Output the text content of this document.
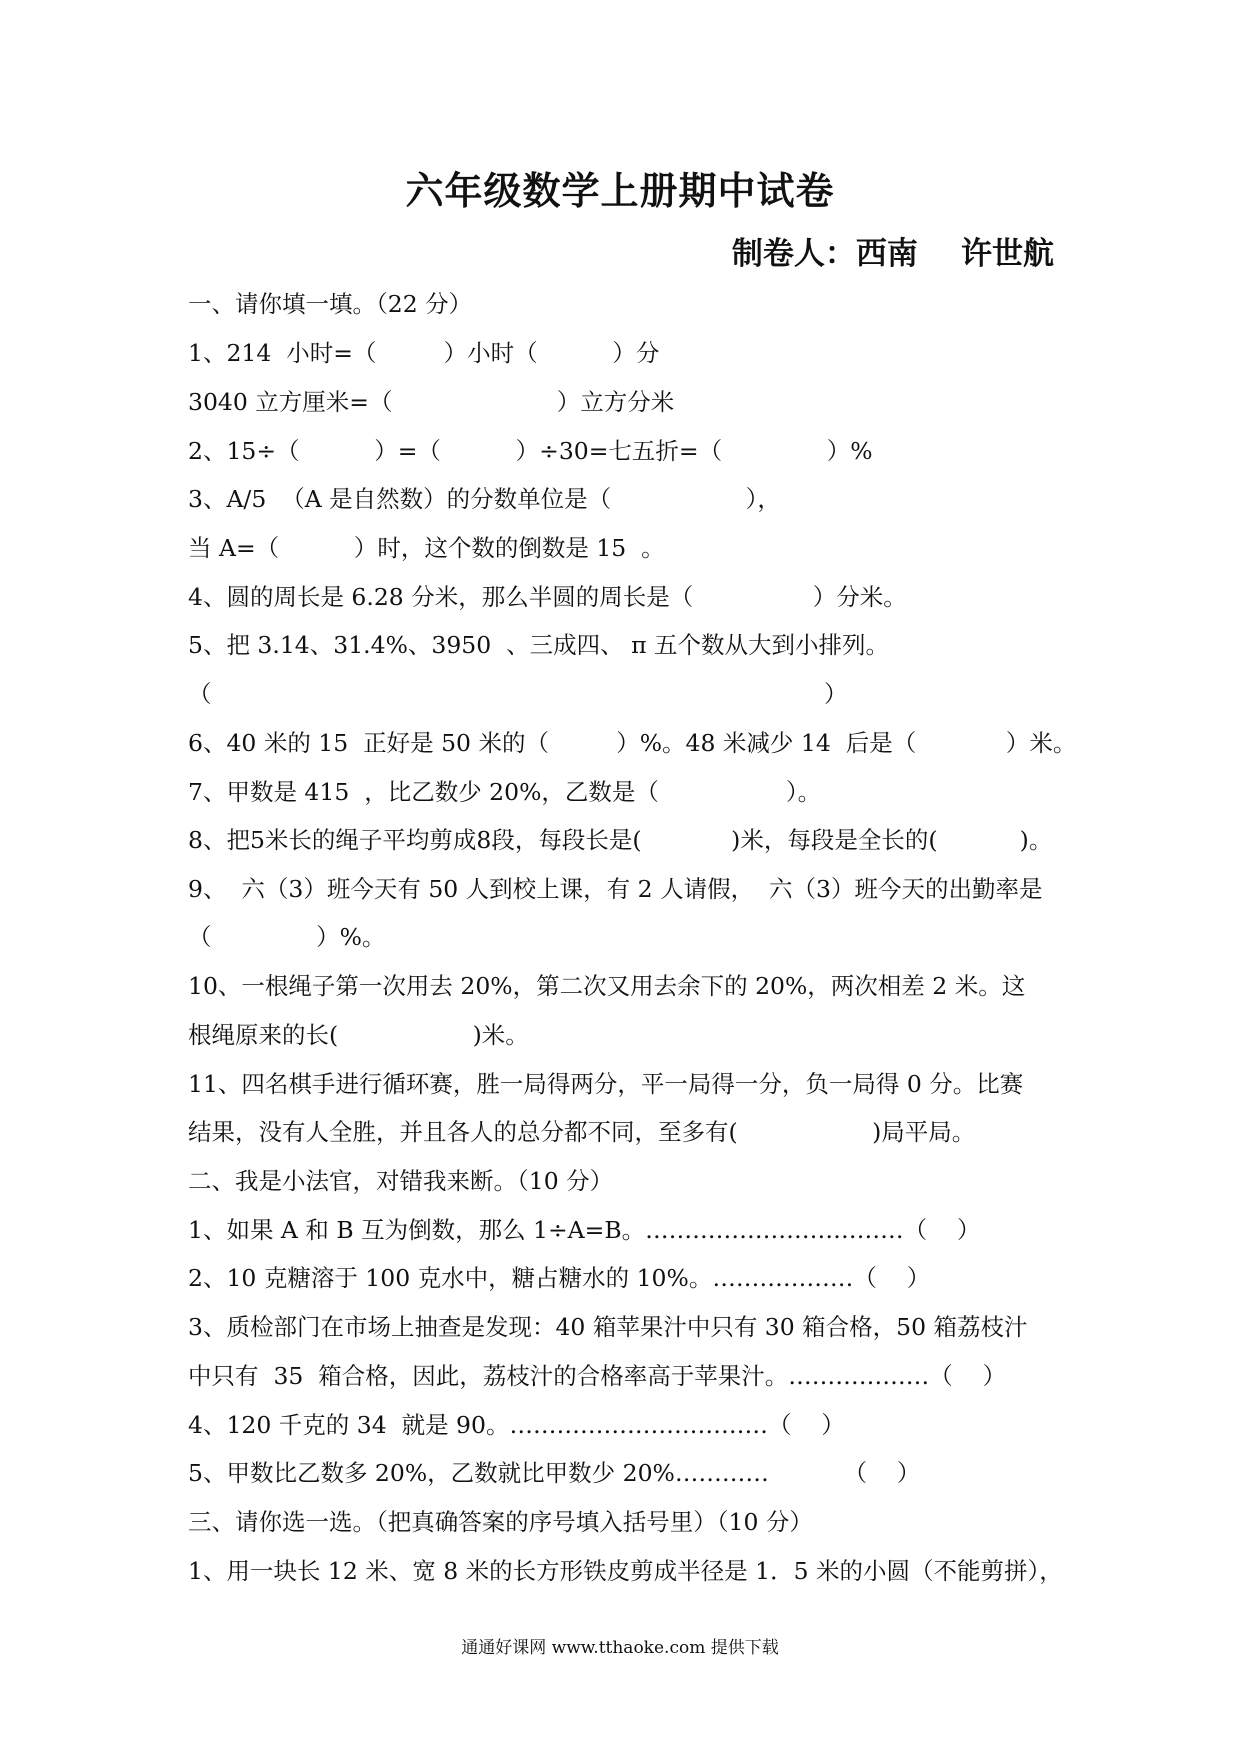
六年级数学上册期中试卷
制卷人：西南    许世航
一、请你填一填。（22 分）
1、214  小时=（         ）小时（          ）分
3040 立方厘米=（                      ）立方分米
2、15÷（          ）=（          ）÷30=七五折=（              ）%
3、A/5  （A 是自然数）的分数单位是（                  ），
当 A=（          ）时，这个数的倒数是 15  。
4、圆的周长是 6.28 分米，那么半圆的周长是（                ）分米。
5、把 3.14、31.4%、3950  、三成四、 π 五个数从大到小排列。
（                                                                                  ）
6、40 米的 15  正好是 50 米的（         ）%。48 米减少 14  后是（            ）米。
7、甲数是 415  ，比乙数少 20%，乙数是（                 ）。
8、把5米长的绳子平均剪成8段，每段长是(            )米，每段是全长的(           )。
9、  六（3）班今天有 50 人到校上课，有 2 人请假，  六（3）班今天的出勤率是
（              ）%。
10、一根绳子第一次用去 20%，第二次又用去余下的 20%，两次相差 2 米。这
根绳原来的长(                  )米。
11、四名棋手进行循环赛，胜一局得两分，平一局得一分，负一局得 0 分。比赛
结果，没有人全胜，并且各人的总分都不同，至多有(                  )局平局。
二、我是小法官，对错我来断。（10 分）
1、如果 A 和 B 互为倒数，那么 1÷A=B。……………………………（    ）
2、10 克糖溶于 100 克水中，糖占糖水的 10%。………………（    ）
3、质检部门在市场上抽查是发现：40 箱苹果汁中只有 30 箱合格，50 箱荔枝汁
中只有  35  箱合格，因此，荔枝汁的合格率高于苹果汁。………………（    ）
4、120 千克的 34  就是 90。……………………………（    ）
5、甲数比乙数多 20%，乙数就比甲数少 20%…………          （    ）
三、请你选一选。（把真确答案的序号填入括号里）（10 分）
1、用一块长 12 米、宽 8 米的长方形铁皮剪成半径是 1．5 米的小圆（不能剪拼），
通通好课网 www.tthaoke.com 提供下载
